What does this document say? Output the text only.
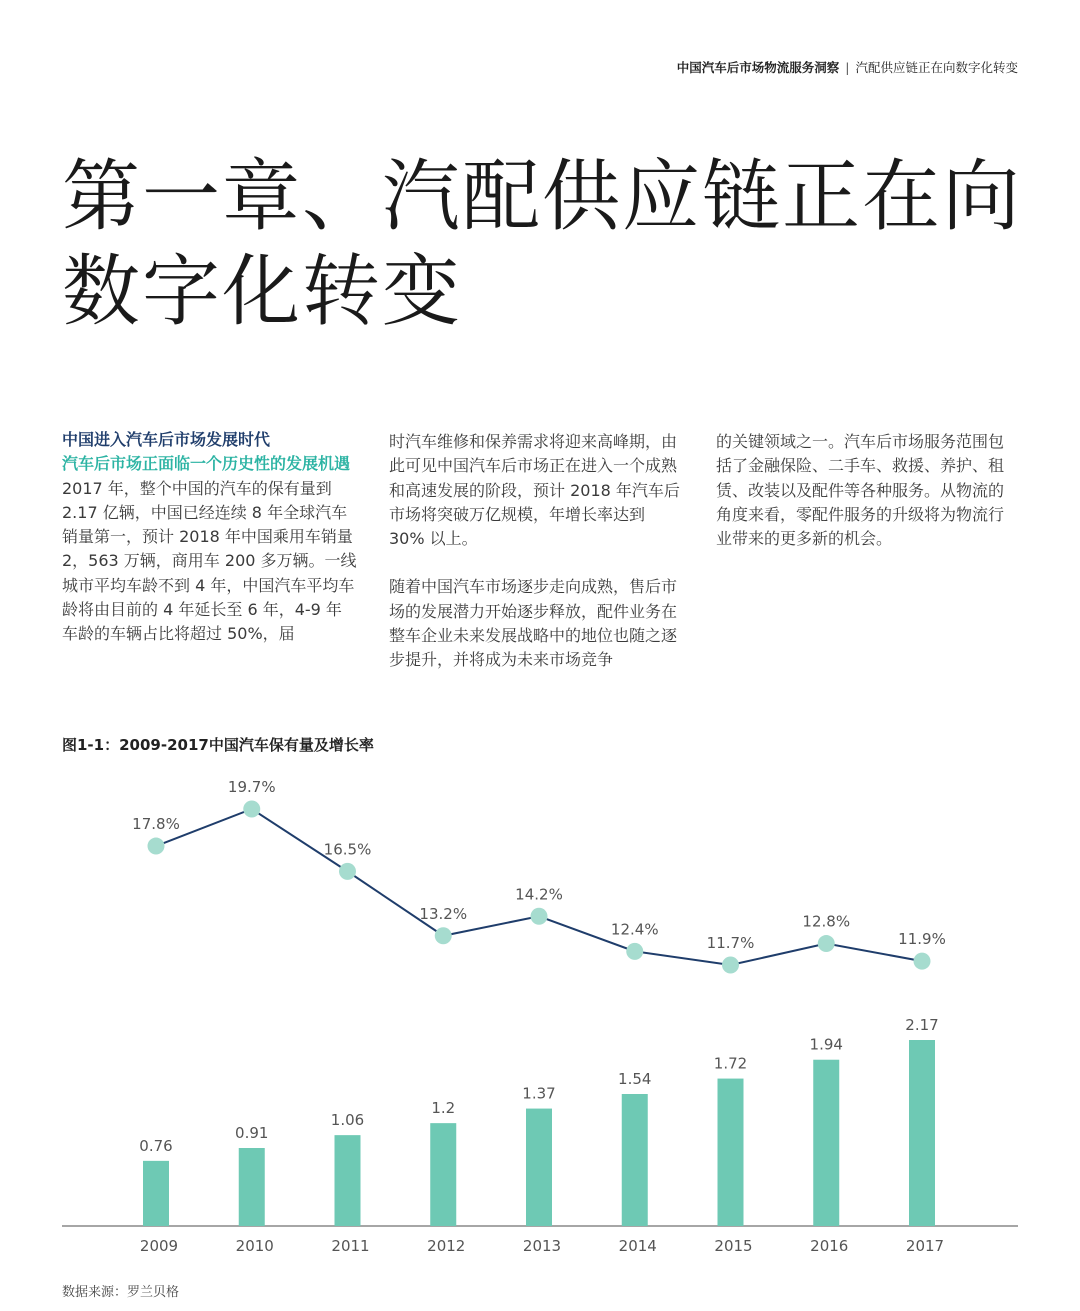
中国汽车后市场物流服务洞察 | 汽配供应链正在向数字化转变
第一章、汽配供应链正在向
数字化转变

中国进入汽车后市场发展时代

汽车后市场正面临一个历史性的发展机遇

2017 年，整个中国的汽车的保有量到 2.17 亿辆，中国已经连续 8 年全球汽车销量第一，预计 2018 年中国乘用车销量 2，563 万辆，商用车 200 多万辆。一线城市平均车龄不到 4 年，中国汽车平均车龄将由目前的 4 年延长至 6 年，4-9 年车龄的车辆占比将超过 50%，届

时汽车维修和保养需求将迎来高峰期，由此可见中国汽车后市场正在进入一个成熟和高速发展的阶段，预计 2018 年汽车后市场将突破万亿规模，年增长率达到 30% 以上。

随着中国汽车市场逐步走向成熟，售后市场的发展潜力开始逐步释放，配件业务在整车企业未来发展战略中的地位也随之逐步提升，并将成为未来市场竞争

的关键领域之一。汽车后市场服务范围包括了金融保险、二手车、救援、养护、租赁、改装以及配件等各种服务。从物流的角度来看，零配件服务的升级将为物流行业带来的更多新的机会。

图1-1：2009-2017中国汽车保有量及增长率
0.76
2009
0.91
2010
1.06
2011
1.2
2012
1.37
2013
1.54
2014
1.72
2015
1.94
2016
2.17
2017
17.8%
19.7%
16.5%
13.2%
14.2%
12.4%
11.7%
12.8%
11.9%
数据来源：罗兰贝格
